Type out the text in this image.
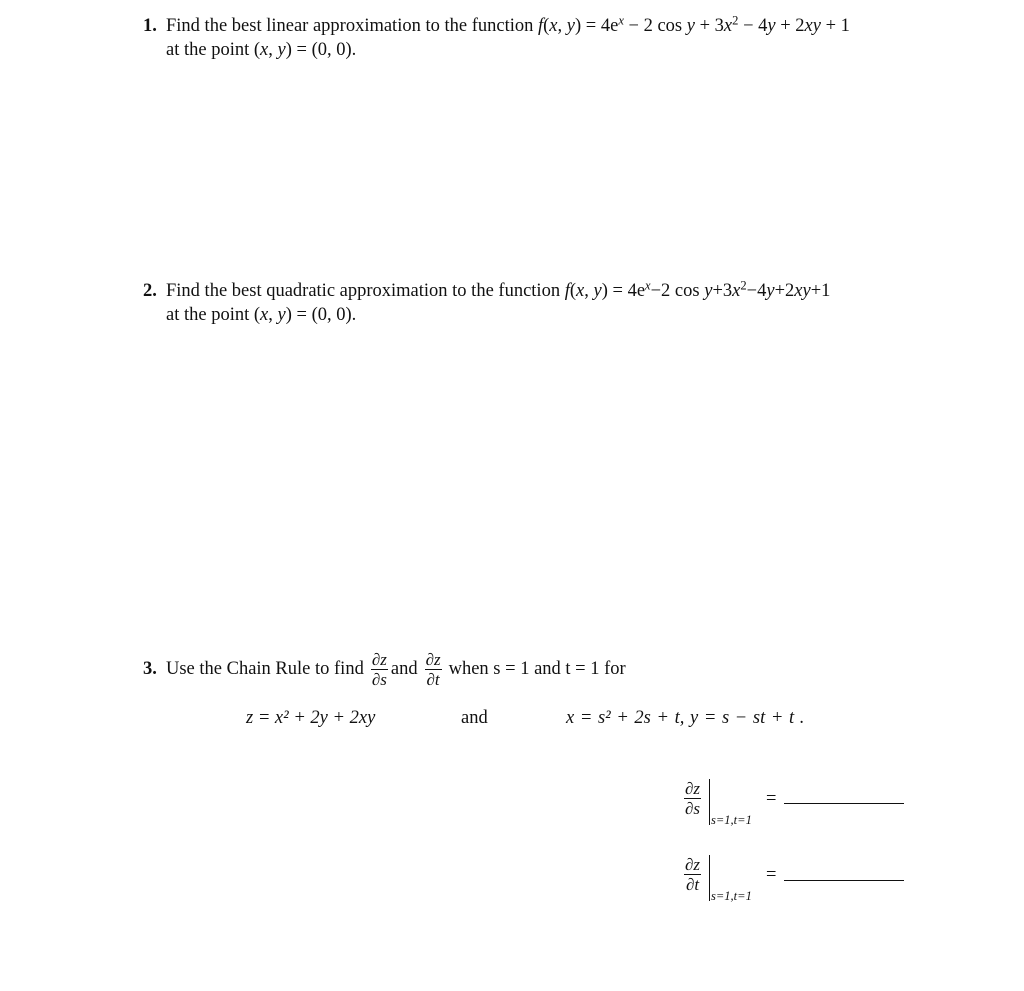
1. Find the best linear approximation to the function f(x, $y) = 4e^x - 2$ $\cos y + 3x^2 - 4y + 2xy + 1$
at the point (x, y) = (0, 0).
2. Find the best quadratic approximation to the function f(x, $y) = 4e^x-2$ $\cos y+3x^2-4y+2xy+1$
at the point (x, y) = (0, 0).
3. Use the Chain Rule to find $\frac{\partial z}{\partial s}$ and $\frac{\partial z}{\partial t}$ when s = 1 and t = 1 for
z = x² + 2y + 2xy	and	x = s² + 2s + t, y = s − st + t .
$\frac{\partial z}{\partial s}$
s=1,t=1
=
$\frac{\partial z}{\partial t}$
s=1,t=1
=
